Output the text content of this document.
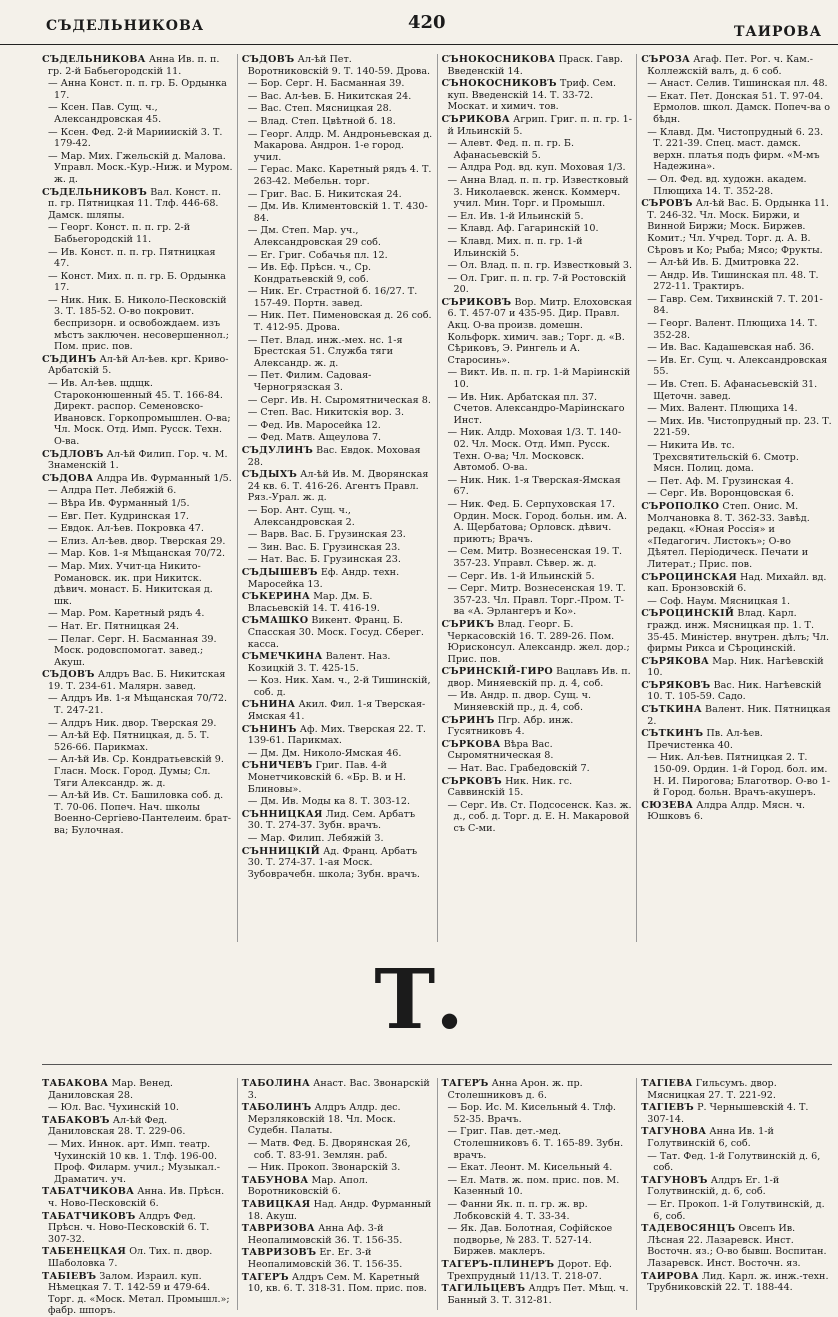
СЪДЕЛЬНИКОВА	420	ТАИРОВА
СЪДЕЛЬНИКОВА Анна Ив. п. п. гр. 2-й Бабьегородскій 11.
— Анна Конст. п. п. гр. Б. Ордынка 17.
— Ксен. Пав. Сущ. ч., Александровская 45.
— Ксен. Фед. 2-й Марииискій 3. Т. 179-42.
— Мар. Мих. Гжельскій д. Малова. Управл. Моск.-Кур.-Ниж. и Муром. ж. д.
СЪДЕЛЬНИКОВЪ Вал. Конст. п. п. гр. Пятницкая 11. Тлф. 446-68. Дамск. шляпы.
— Георг. Конст. п. п. гр. 2-й Бабьегородскій 11.
— Ив. Конст. п. п. гр. Пятницкая 47.
— Конст. Мих. п. п. гр. Б. Ордынка 17.
— Ник. Ник. Б. Николо-Песковскій 3. Т. 185-52. О-во покровит. беспризорн. и освобождаем. изъ мѣстъ заключен. несовершеннол.; Пом. прис. пов.
СЪДИНЪ Ал-ѣй Ал-ѣев. крг. Криво-Арбатскій 5.
— Ив. Ал-ѣев. щдщк. Староконюшенный 45. Т. 166-84. Директ. распор. Семеновско-Ивановск. Горкопромышлен. О-ва; Чл. Моск. Отд. Имп. Русск. Техн. О-ва.
СЪДЛОВЪ Ал-ѣй Филип. Гор. ч. М. Знаменскій 1.
СЪДОВА Алдра Ив. Фурманный 1/5.
— Алдра Пет. Лебяжій 6.
— Вѣра Ив. Фурманный 1/5.
— Евг. Пет. Кудринская 17.
— Евдок. Ал-ѣев. Покровка 47.
— Елиз. Ал-ѣев. двор. Тверская 29.
— Мар. Ков. 1-я Мѣщанская 70/72.
— Мар. Мих. Учит-ца Никито-Романовск. ик. при Никитск. дѣвич. монаст. Б. Никитская д. шк.
— Мар. Ром. Каретный рядъ 4.
— Нат. Ег. Пятницкая 24.
— Пелаг. Серг. Н. Басманная 39. Моск. родовспомогат. завед.; Акуш.
СЪДОВЪ Алдръ Вас. Б. Никитская 19. Т. 234-61. Малярн. завед.
— Алдръ Ив. 1-я Мѣщанская 70/72. Т. 247-21.
— Алдръ Ник. двор. Тверская 29.
— Ал-ѣй Еф. Пятницкая, д. 5. Т. 526-66. Парикмах.
— Ал-ѣй Ив. Ср. Кондратьевскій 9. Гласн. Моск. Город. Думы; Сл. Тяги Александр. ж. д.
— Ал-ѣй Ив. Ст. Башиловка соб. д. Т. 70-06. Попеч. Нач. школы Военно-Сергіево-Пантелеим. брат-ва; Булочная.
СЪДОВЪ Ал-ѣй Пет. Воротниковскій 9. Т. 140-59. Дрова.
— Бор. Серг. Н. Басманная 39.
— Вас. Ал-ѣев. Б. Никитская 24.
— Вас. Степ. Мясницкая 28.
— Влад. Степ. Цвѣтной б. 18.
— Георг. Алдр. М. Андроньевская д. Макарова. Андрон. 1-е город. учил.
— Герас. Макс. Каретный рядъ 4. Т. 263-42. Мебельн. торг.
— Григ. Вас. Б. Никитская 24.
— Дм. Ив. Климентовскій 1. Т. 430-84.
— Дм. Степ. Мар. уч., Александровская 29 соб.
— Ег. Григ. Собачья пл. 12.
— Ив. Еф. Прѣсн. ч., Ср. Кондратьевскій 9, соб.
— Ник. Ег. Страстной б. 16/27. Т. 157-49. Портн. завед.
— Ник. Пет. Пименовская д. 26 соб. Т. 412-95. Дрова.
— Пет. Влад. инж.-мех. нс. 1-я Брестская 51. Служба тяги Александр. ж. д.
— Пет. Филим. Садовая-Черногрязская 3.
— Серг. Ив. Н. Сыромятническая 8.
— Степ. Вас. Никитскія вор. 3.
— Фед. Ив. Маросейка 12.
— Фед. Матв. Ащеулова 7.
СЪДУЛИНЪ Вас. Евдок. Моховая 28.
СЪДЫХЪ Ал-ѣй Ив. М. Дворянская 24 кв. 6. Т. 416-26. Агентъ Правл. Ряз.-Урал. ж. д.
— Бор. Ант. Сущ. ч., Александровская 2.
— Варв. Вас. Б. Грузинская 23.
— Зин. Вас. Б. Грузинская 23.
— Нат. Вас. Б. Грузинская 23.
СЪДЫШЕВЪ Еф. Андр. техн. Маросейка 13.
СЪКЕРИНА Мар. Дм. Б. Власьевскій 14. Т. 416-19.
СЪМАШКО Викент. Франц. Б. Спасская 30. Моск. Госуд. Сберег. касса.
СЪМЕЧКИНА Валент. Наз. Козицкій 3. Т. 425-15.
— Коз. Ник. Хам. ч., 2-й Тишинскій, соб. д.
СЪНИНА Акил. Фил. 1-я Тверская-Ямская 41.
СЪНИНЪ Аф. Мих. Тверская 22. Т. 139-61. Парикмах.
— Дм. Дм. Николо-Ямская 46.
СЪНИЧЕВЪ Григ. Пав. 4-й Монетчиковскій 6. «Бр. В. и Н. Блиновы».
— Дм. Ив. Моды ка 8. Т. 303-12.
СЪННИЦКАЯ Лид. Сем. Арбатъ 30. Т. 274-37. Зубн. врачъ.
— Мар. Филип. Лебяжій 3.
СЪННИЦКІЙ Ад. Франц. Арбатъ 30. Т. 274-37. 1-ая Моск. Зубоврачебн. школа; Зубн. врачъ.
СЪНОКОСНИКОВА Праск. Гавр. Введенскій 14.
СЪНОКОСНИКОВЪ Триф. Сем. куп. Введенскій 14. Т. 33-72. Москат. и химич. тов.
СЪРИКОВА Агрип. Григ. п. п. гр. 1-й Ильинскій 5.
— Алевт. Фед. п. п. гр. Б. Афанасьевскій 5.
— Алдра Род. вд. куп. Моховая 1/3.
— Анна Влад. п. п. гр. Известковый 3. Николаевск. женск. Коммерч. учил. Мин. Торг. и Промышл.
— Ел. Ив. 1-й Ильинскій 5.
— Клавд. Аф. Гагаринскій 10.
— Клавд. Мих. п. п. гр. 1-й Ильинскій 5.
— Ол. Влад. п. п. гр. Известковый 3.
— Ол. Григ. п. п. гр. 7-й Ростовскій 20.
СЪРИКОВЪ Вор. Митр. Елоховская 6. Т. 457-07 и 435-95. Дир. Правл. Акц. О-ва произв. домешн. Кольфорк. химич. зав.; Торг. д. «В. Сѣриковъ, Э. Рингель и А. Старосинь».
— Викт. Ив. п. п. гр. 1-й Маріинскій 10.
— Ив. Ник. Арбатская пл. 37. Счетов. Александро-Маріинскаго Инст.
— Ник. Алдр. Моховая 1/3. Т. 140-02. Чл. Моск. Отд. Имп. Русск. Техн. О-ва; Чл. Московск. Автомоб. О-ва.
— Ник. Ник. 1-я Тверская-Ямская 67.
— Ник. Фед. Б. Серпуховская 17. Ордин. Моск. Город. больн. им. А. А. Щербатова; Орловск. дѣвич. приютъ; Врачъ.
— Сем. Митр. Вознесенская 19. Т. 357-23. Управл. Сѣвер. ж. д.
— Серг. Ив. 1-й Ильинскій 5.
— Серг. Митр. Вознесенская 19. Т. 357-23. Чл. Правл. Торг.-Пром. Т-ва «А. Эрлангеръ и Ко».
СЪРИКЪ Влад. Георг. Б. Черкасовскій 16. Т. 289-26. Пом. Юрисконсул. Александр. жел. дор.; Прис. пов.
СЪРИНСКІЙ-ГИРО Вацлавъ Ив. п. двор. Миняевскій пр. д. 4, соб.
— Ив. Андр. п. двор. Сущ. ч. Миняевскій пр., д. 4, соб.
СЪРИНЪ Пгр. Абр. инж. Гусятниковъ 4.
СЪРКОВА Вѣра Вас. Сыромятническая 8.
— Нат. Вас. Грабедовскій 7.
СЪРКОВЪ Ник. Ник. гс. Саввинскій 15.
— Серг. Ив. Ст. Подсосенск. Каз. ж. д., соб. д. Торг. д. Е. Н. Макаровой съ С-ми.
СЪРОЗА Агаф. Пет. Рог. ч. Кам.-Коллежскій валъ, д. 6 соб.
— Анаст. Селив. Тишинская пл. 48.
— Екат. Пет. Донская 51. Т. 97-04. Ермолов. школ. Дамск. Попеч-ва о бѣдн.
— Клавд. Дм. Чистопрудный 6. 23. Т. 221-39. Спец. маст. дамск. верхн. платья подъ фирм. «М-мъ Надежина».
— Ол. Фед. вд. художн. академ. Плющиха 14. Т. 352-28.
СЪРОВЪ Ал-ѣй Вас. Б. Ордынка 11. Т. 246-32. Чл. Моск. Биржи, и Винной Биржи; Моск. Биржев. Комит.; Чл. Учред. Торг. д. А. В. Сѣровъ и Ко; Рыба; Мясо; Фрукты.
— Ал-ѣй Ив. Б. Дмитровка 22.
— Андр. Ив. Тишинская пл. 48. Т. 272-11. Трактиръ.
— Гавр. Сем. Тихвинскій 7. Т. 201-84.
— Георг. Валент. Плющиха 14. Т. 352-28.
— Ив. Вас. Кадашевская наб. 36.
— Ив. Ег. Сущ. ч. Александровская 55.
— Ив. Степ. Б. Афанасьевскій 31. Щеточн. завед.
— Мих. Валент. Плющиха 14.
— Мих. Ив. Чистопрудный пр. 23. Т. 221-59.
— Никита Ив. тс. Трехсвятительскій 6. Смотр. Мясн. Полиц. дома.
— Пет. Аф. М. Грузинская 4.
— Серг. Ив. Воронцовская 6.
СЪРОПОЛКО Степ. Онис. М. Молчановка 8. Т. 362-33. Завѣд. редакц. «Юная Россія» и «Педагогич. Листокъ»; О-во Дѣятел. Періодическ. Печати и Литерат.; Прис. пов.
СЪРОЦИНСКАЯ Над. Михайл. вд. кап. Бронзовскій 6.
— Соф. Наум. Мясницкая 1.
СЪРОЦИНСКІЙ Влад. Карл. гражд. инж. Мясницкая пр. 1. Т. 35-45. Миністер. внутрен. дѣлъ; Чл. фирмы Рикса и Сѣроцинскій.
СЪРЯКОВА Мар. Ник. Нагѣевскій 10.
СЪРЯКОВЪ Вас. Ник. Нагѣевскій 10. Т. 105-59. Садо.
СЪТКИНА Валент. Ник. Пятницкая 2.
СЪТКИНЪ Пв. Ал-ѣев. Пречистенка 40.
— Ник. Ал-ѣев. Пятницкая 2. Т. 150-09. Ордин. 1-й Город. бол. им. Н. И. Пирогова; Благотвор. О-во 1-й Город. больн. Врачъ-акушеръ.
СЮЗЕВА Алдра Алдр. Мясн. ч. Юшковъ 6.
Т.
ТАБАКОВА Мар. Венед. Даниловская 28.
— Юл. Вас. Чухинскій 10.
ТАБАКОВЪ Ал-ѣй Фед. Даниловская 28. Т. 229-06.
— Мих. Иннок. арт. Имп. театр. Чухинскій 10 кв. 1. Тлф. 196-00. Проф. Филарм. учил.; Музыкал.-Драматич. уч.
ТАБАТЧИКОВА Анна. Ив. Прѣсн. ч. Ново-Песковскій 6.
ТАБАТЧИКОВЪ Алдръ Фед. Прѣсн. ч. Ново-Песковскій 6. Т. 307-32.
ТАБЕНЕЦКАЯ Ол. Тих. п. двор. Шаболовка 7.
ТАБІЕВЪ Залом. Израил. куп. Нѣмецкая 7. Т. 142-59 и 479-64. Торг. д. «Моск. Метал. Промышл.»; фабр. шпоръ.
ТАБОЛИНА Анаст. Вас. Звонарскій 3.
ТАБОЛИНЪ Алдръ Алдр. дес. Мерзляковскій 18. Чл. Моск. Судебн. Палаты.
— Матв. Фед. Б. Дворянская 26, соб. Т. 83-91. Землян. раб.
— Ник. Прокоп. Звонарскій 3.
ТАБУНОВА Мар. Апол. Воротниковскій 6.
ТАВИЦКАЯ Над. Андр. Фурманный 18. Акуш.
ТАВРИЗОВА Анна Аф. 3-й Неопалимовскій 36. Т. 156-35.
ТАВРИЗОВЪ Ег. Ег. 3-й Неопалимовскій 36. Т. 156-35.
ТАГЕРЪ Алдръ Сем. М. Каретный 10, кв. 6. Т. 318-31. Пом. прис. пов.
ТАГЕРЪ Анна Арон. ж. пр. Столешниковъ д. 6.
— Бор. Ис. М. Кисельный 4. Тлф. 52-35. Врачъ.
— Григ. Пав. дет.-мед. Столешниковъ 6. Т. 165-89. Зубн. врачъ.
— Екат. Леонт. М. Кисельный 4.
— Ел. Матв. ж. пом. прис. пов. М. Казенный 10.
— Фанни Як. п. п. гр. ж. вр. Лобковскій 4. Т. 33-34.
— Як. Дав. Болотная, Софійское подворье, № 283. Т. 527-14. Биржев. маклеръ.
ТАГЕРЪ-ПЛИНЕРЪ Дорот. Еф. Трехпрудный 11/13. Т. 218-07.
ТАГИЛЬЦЕВЪ Алдръ Пет. Мѣщ. ч. Банный 3. Т. 312-81.
ТАГІЕВА Гильсумъ. двор. Мясницкая 27. Т. 221-92.
ТАГІЕВЪ Р. Чернышевскій 4. Т. 307-14.
ТАГУНОВА Анна Ив. 1-й Голутвинскій 6, соб.
— Тат. Фед. 1-й Голутвинскій д. 6, соб.
ТАГУНОВЪ Алдръ Ег. 1-й Голутвинскій, д. 6, соб.
— Ег. Прокоп. 1-й Голутвинскій, д. 6, соб.
ТАДЕВОСЯНЦЪ Овсепъ Ив. Лѣсная 22. Лазаревск. Инст. Восточн. яз.; О-во бывш. Воспитан. Лазаревск. Инст. Восточн. яз.
ТАИРОВА Лид. Карл. ж. инж.-техн. Трубниковскій 22. Т. 188-44.
